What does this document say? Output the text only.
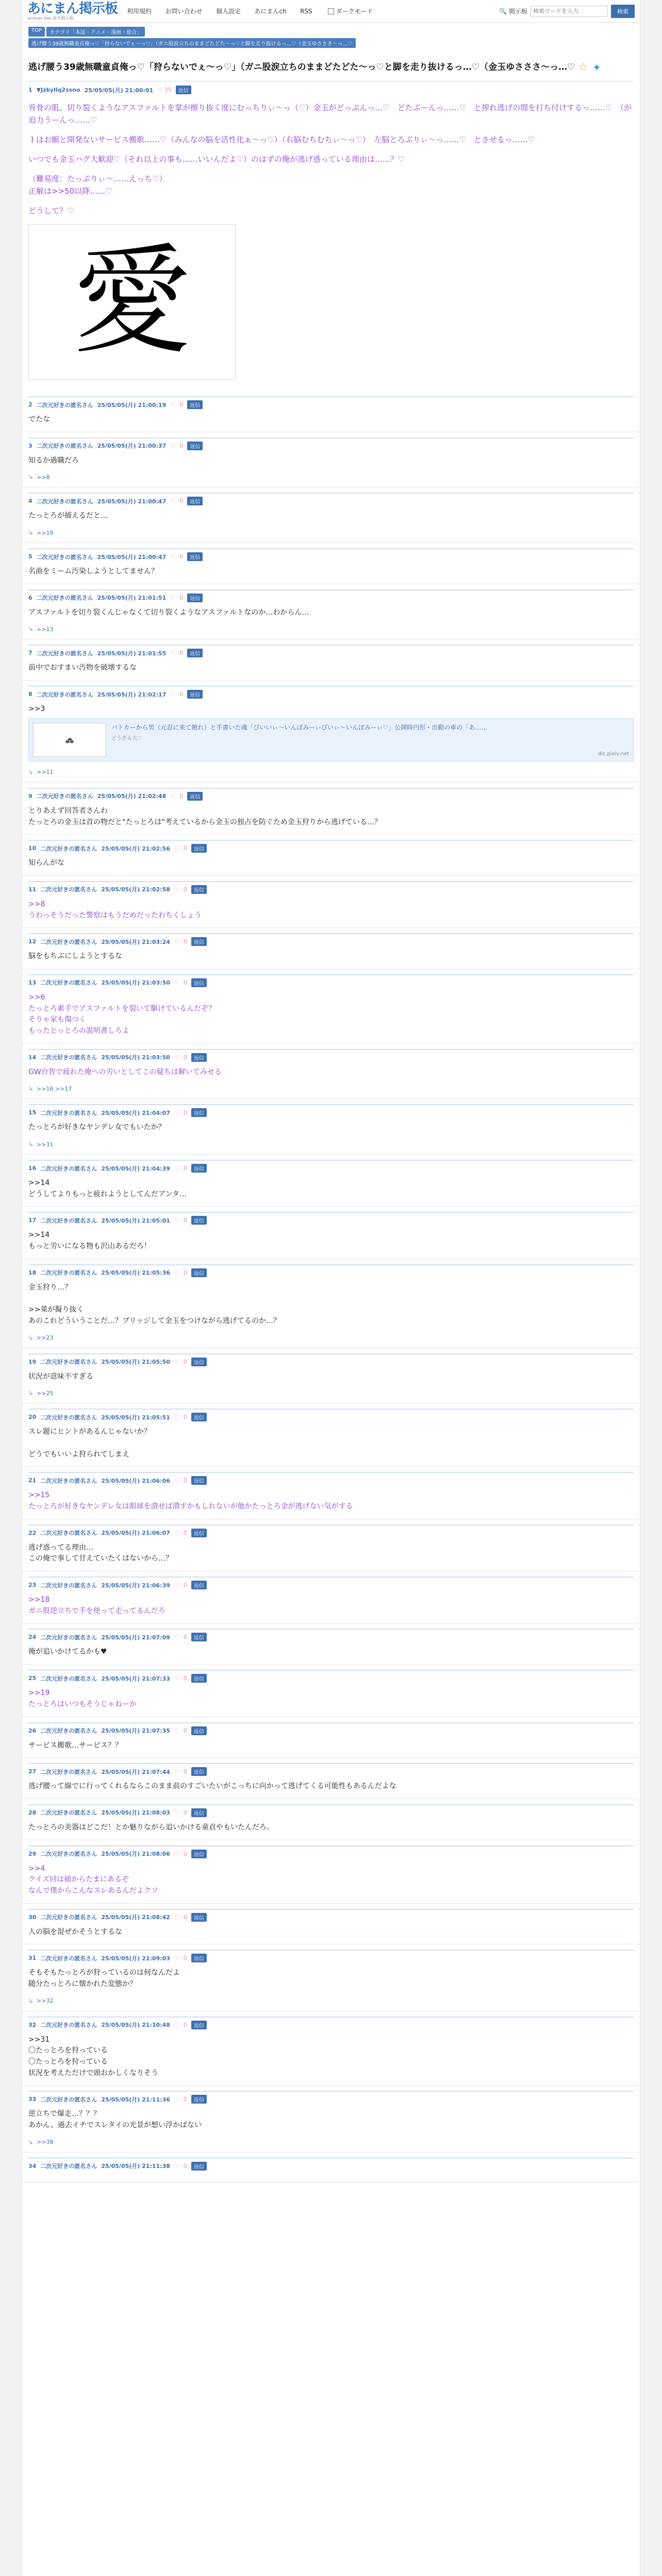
あにまん掲示板
animan bbs 匿名掲示板
利用規約 お問い合わせ 個人設定 あにまんch RSS	ダークモード	🔍 掲示板
検索ワードを入力	検索
TOP	カテゴリ「本誌・アニメ・漫画・総合」
逃げ腰う39歳無職童貞俺っ♡「狩らないでぇ～っ♡」（ガニ股涙立ちのままどたどた～っ♡と脚を走り抜けるっ…♡（金玉ゆさささ～っ…♡
逃げ腰う39歳無職童貞俺っ♡「狩らないでぇ～っ♡」（ガニ股涙立ちのままどたどた～っ♡と脚を走り抜けるっ…♡（金玉ゆさささ～っ…♡ ☆ ✦
1 ▼Jzkyllq2ssno 25/05/05(月) 21:00:01 ♡ 35	返信

背骨の肌、切り裂くようなアスファルトを掌が擦り抜く度にむっちりぃ～っ（♡）金玉がどっぷんっ…♡　どたぷーんっ……♡　と搾れ逃げの間を打ち付けするっ……♡　（が迫力うーんっ……♡

１ほお願と開発ないサービス搬歌……♡（みんなの脳を活性化ぁ～っ♡）（右脳むちむちぃ～っ♡）　左脳とろぷりぃ～っ……♡　とさせるっ……♡

いつでも金玉ハグ大歓迎♡（それ以上の事も……いいんだよ♡）のはずの俺が逃げ惑っている理由は……？♡

（難易度：たっぷりぃ～……えっち♡）
正解は>>50以降……♡

どうして？♡

愛
2 二次元好きの匿名さん 25/05/05(月) 21:00:19 ♡ 0	返信
でたな
3 二次元好きの匿名さん 25/05/05(月) 21:00:37 ♡ 0	返信
知るか過職だろ
↳ >>8
4 二次元好きの匿名さん 25/05/05(月) 21:00:47 ♡ 0	返信
たっとろが捕えるだと…
↳ >>19
5 二次元好きの匿名さん 25/05/05(月) 21:00:47 ♡ 0	返信
名曲をミーム汚染しようとしてません？
6 二次元好きの匿名さん 25/05/05(月) 21:01:51 ♡ 0	返信
アスファルトを切り裂くんじゃなくて切り裂くようなアスファルトなのか…わからん…
↳ >>13
7 二次元好きの匿名さん 25/05/05(月) 21:01:55 ♡ 0	返信
前中でおすまい汚物を破壊するな
8 二次元好きの匿名さん 25/05/05(月) 21:02:17 ♡ 0	返信
>>3
🚓
パトカーから男（元忍に来て飽れ）と手書いた魂「びいいぃ～いんぽみーぃびいぃ～いんぽみーぃ♡」公開時円形・出動の車の「あ……
どうさる大♡
dic.pixiv.net
↳ >>11
9 二次元好きの匿名さん 25/05/05(月) 21:02:48 ♡ 0	返信
とりあえず回答者さんわ
たっとろの金玉は首の物だと"たっとろは"考えているから金玉の独占を防ぐため金玉狩りから逃げている…？
10 二次元好きの匿名さん 25/05/05(月) 21:02:56 ♡ 0	返信
知らんがな
11 二次元好きの匿名さん 25/05/05(月) 21:02:58 ♡ 0	返信
>>8
うわっそうだった警察はもうだめだったわちくしょう
12 二次元好きの匿名さん 25/05/05(月) 21:03:24 ♡ 0	返信
脳をもちぷにしようとするな
13 二次元好きの匿名さん 25/05/05(月) 21:03:50 ♡ 0	返信
>>6
たっとろ素手でアスファルトを裂いて駆けているんだぞ？
そりゃ家も傷つく
もったとっとろの説明書しろよ
14 二次元好きの匿名さん 25/05/05(月) 21:03:50 ♡ 0	返信
GW台智で疲れた俺への労いとしてこの疑ちは解いてみせる
↳ >>16 >>17
15 二次元好きの匿名さん 25/05/05(月) 21:04:07 ♡ 0	返信
たっとろが好きなヤンデレ女でもいたか？
↳ >>31
16 二次元好きの匿名さん 25/05/05(月) 21:04:39 ♡ 0	返信
>>14
どうしてよりもっと疲れようとしてんだアンタ…
17 二次元好きの匿名さん 25/05/05(月) 21:05:01 ♡ 0	返信
>>14
もっと労いになる物も沢山あるだろ！
18 二次元好きの匿名さん 25/05/05(月) 21:05:36 ♡ 0	返信
金玉狩り…？

>>巣が擬り抜く
あのこれどういうことだ…？ブリッジして金玉をつけながら逃げてるのか…？
↳ >>23
19 二次元好きの匿名さん 25/05/05(月) 21:05:50 ♡ 0	返信
状況が意味不すぎる
↳ >>25
20 二次元好きの匿名さん 25/05/05(月) 21:05:51 ♡ 0	返信
スレ題にヒントがあるんじゃないか？

どうでもいいよ狩られてしまえ
21 二次元好きの匿名さん 25/05/05(月) 21:06:06 ♡ 0	返信
>>15
たっとろが好きなヤンデレ女は眼球を潰せば潰すかもしれないが他かたっとろ金が逃げない気がする
22 二次元好きの匿名さん 25/05/05(月) 21:06:07 ♡ 0	返信
逃げ惑ってる理由…
この俺で事して甘えていたくはないから…？
23 二次元好きの匿名さん 25/05/05(月) 21:06:39 ♡ 0	返信
>>18
ガニ股逆立ちで手を使って走ってるんだろ
24 二次元好きの匿名さん 25/05/05(月) 21:07:09 ♡ 0	返信
俺が追いかけてるかも♥
25 二次元好きの匿名さん 25/05/05(月) 21:07:33 ♡ 0	返信
>>19
たっとろはいつもそうじゃねーか
26 二次元好きの匿名さん 25/05/05(月) 21:07:35 ♡ 0	返信
サービス搬歌…サービス？？
27 二次元好きの匿名さん 25/05/05(月) 21:07:44 ♡ 0	返信
逃げ腰って線でに行ってくれるならこのまま前のすごいたいがこっちに向かって逃げてくる可能性もあるんだよな
28 二次元好きの匿名さん 25/05/05(月) 21:08:03 ♡ 0	返信
たっとろの美器はどこだ！とか魅りながら追いかける童貞やもいたんだろ。
29 二次元好きの匿名さん 25/05/05(月) 21:08:06 ♡ 0	返信
>>4
クイズ回は捕からたまにあるぞ
なんで僕からこんなスレあるんだよクソ
30 二次元好きの匿名さん 25/05/05(月) 21:08:42 ♡ 0	返信
人の脳を混ぜかそうとするな
31 二次元好きの匿名さん 25/05/05(月) 21:09:03 ♡ 0	返信
そもそもたっとろが狩っているのは何なんだよ
随分たっとろに懐かれた変態か？
↳ >>32
32 二次元好きの匿名さん 25/05/05(月) 21:10:48 ♡ 0	返信
>>31
〇たっとろを狩っている
〇たっとろを狩っている
状況を考えただけで頭おかしくなりそう
33 二次元好きの匿名さん 25/05/05(月) 21:11:36 ♡ 0	返信
逆立ちで爆走…？？？
あかん、過去イチでスレタイの光景が想い浮かばない
↳ >>38
34 二次元好きの匿名さん 25/05/05(月) 21:11:38 ♡ 0	返信
